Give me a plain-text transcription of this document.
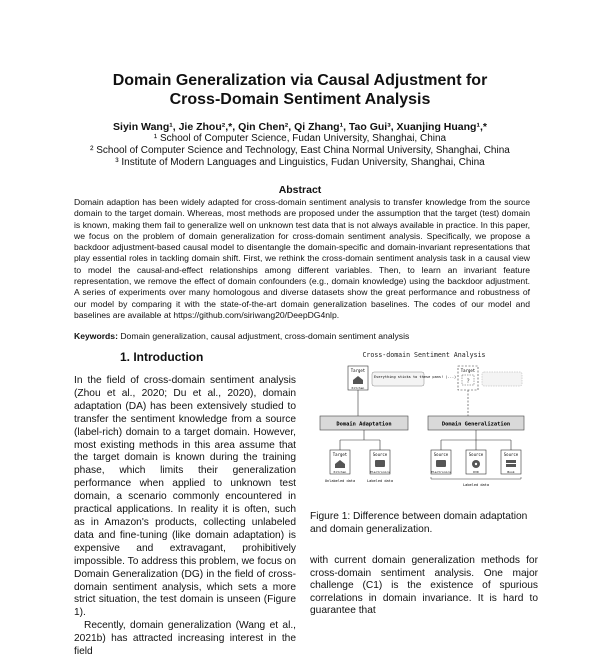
Domain Generalization via Causal Adjustment for
Cross-Domain Sentiment Analysis
Siyin Wang¹, Jie Zhou²,*, Qin Chen², Qi Zhang¹, Tao Gui³, Xuanjing Huang¹,*
¹ School of Computer Science, Fudan University, Shanghai, China
² School of Computer Science and Technology, East China Normal University, Shanghai, China
³ Institute of Modern Languages and Linguistics, Fudan University, Shanghai, China
Abstract
Domain adaption has been widely adapted for cross-domain sentiment analysis to transfer knowledge from the source domain to the target domain. Whereas, most methods are proposed under the assumption that the target (test) domain is known, making them fail to generalize well on unknown test data that is not always available in practice. In this paper, we focus on the problem of domain generalization for cross-domain sentiment analysis. Specifically, we propose a backdoor adjustment-based causal model to disentangle the domain-specific and domain-invariant representations that play essential roles in tackling domain shift. First, we rethink the cross-domain sentiment analysis task in a causal view to model the causal-and-effect relationships among different variables. Then, to learn an invariant feature representation, we remove the effect of domain confounders (e.g., domain knowledge) using the backdoor adjustment. A series of experiments over many homologous and diverse datasets show the great performance and robustness of our model by comparing it with the state-of-the-art domain generalization baselines. The codes of our model and baselines are available at https://github.com/siriwang20/DeepDG4nlp.
Keywords: Domain generalization, causal adjustment, cross-domain sentiment analysis
1. Introduction

In the field of cross-domain sentiment analysis (Zhou et al., 2020; Du et al., 2020), domain adaptation (DA) has been extensively studied to transfer the sentiment knowledge from a source (label-rich) domain to a target domain. However, most existing methods in this area assume that the target domain is known during the training phase, which limits their generalization performance when applied to unknown test domain, a scenario commonly encountered in practical applications. In reality it is often, such as in Amazon's products, collecting unlabeled data and fine-tuning (like domain adaptation) is expensive and extravagant, prohibitively impossible. To address this problem, we focus on Domain Generalization (DG) in the field of cross-domain sentiment analysis, which sets a more strict situation, the test domain is unseen (Figure 1).

Recently, domain generalization (Wang et al., 2021b) has attracted increasing interest in the field

Cross-domain Sentiment Analysis
Target
Kitchen
Everything sticks to these pans! (...)
Target
?
Domain Adaptation	Domain Generalization
Target
Kitchen
Source
Electronics
Unlabeled data	Labeled data
Source
Electronics
Source
DVD
Source
Book
Labeled data
Figure 1: Difference between domain adaptation and domain generalization.
with current domain generalization methods for cross-domain sentiment analysis. One major challenge (C1) is the existence of spurious correlations in domain invariance. It is hard to guarantee that
